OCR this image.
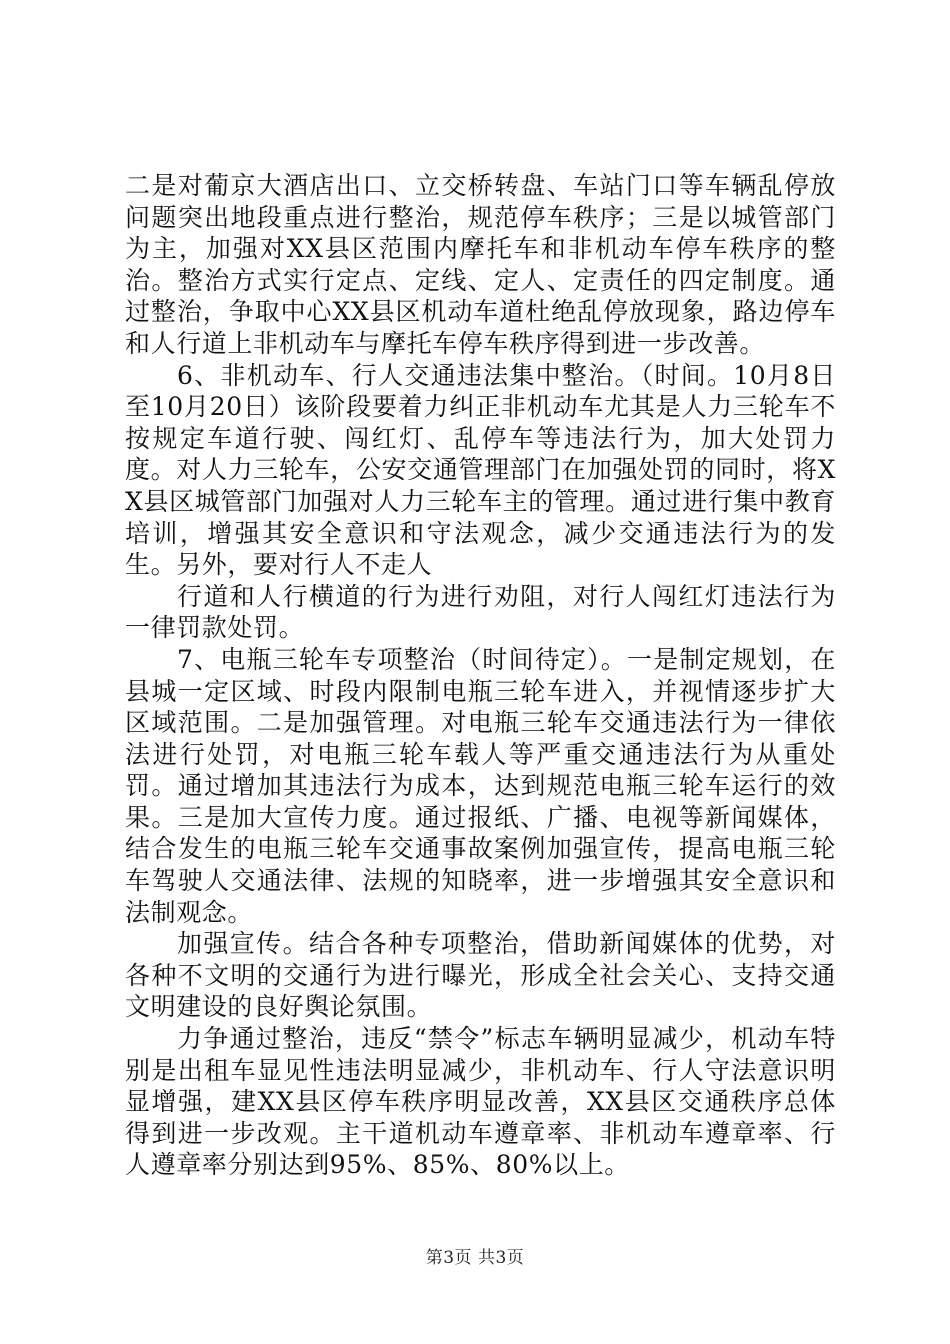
二是对葡京大酒店出口、立交桥转盘、车站门口等车辆乱停放问题突出地段重点进行整治，规范停车秩序；三是以城管部门为主，加强对XX县区范围内摩托车和非机动车停车秩序的整治。整治方式实行定点、定线、定人、定责任的四定制度。通过整治，争取中心XX县区机动车道杜绝乱停放现象，路边停车和人行道上非机动车与摩托车停车秩序得到进一步改善。

6、非机动车、行人交通违法集中整治。（时间。10月8日至10月20日）该阶段要着力纠正非机动车尤其是人力三轮车不按规定车道行驶、闯红灯、乱停车等违法行为，加大处罚力度。对人力三轮车，公安交通管理部门在加强处罚的同时，将XX县区城管部门加强对人力三轮车主的管理。通过进行集中教育培训，增强其安全意识和守法观念，减少交通违法行为的发生。另外，要对行人不走人

行道和人行横道的行为进行劝阻，对行人闯红灯违法行为一律罚款处罚。

7、电瓶三轮车专项整治（时间待定）。一是制定规划，在县城一定区域、时段内限制电瓶三轮车进入，并视情逐步扩大区域范围。二是加强管理。对电瓶三轮车交通违法行为一律依法进行处罚，对电瓶三轮车载人等严重交通违法行为从重处罚。通过增加其违法行为成本，达到规范电瓶三轮车运行的效果。三是加大宣传力度。通过报纸、广播、电视等新闻媒体，结合发生的电瓶三轮车交通事故案例加强宣传，提高电瓶三轮车驾驶人交通法律、法规的知晓率，进一步增强其安全意识和法制观念。

加强宣传。结合各种专项整治，借助新闻媒体的优势，对各种不文明的交通行为进行曝光，形成全社会关心、支持交通文明建设的良好舆论氛围。

力争通过整治，违反“禁令”标志车辆明显减少，机动车特别是出租车显见性违法明显减少，非机动车、行人守法意识明显增强，建XX县区停车秩序明显改善，XX县区交通秩序总体得到进一步改观。主干道机动车遵章率、非机动车遵章率、行人遵章率分别达到95%、85%、80%以上。

第3页 共3页
